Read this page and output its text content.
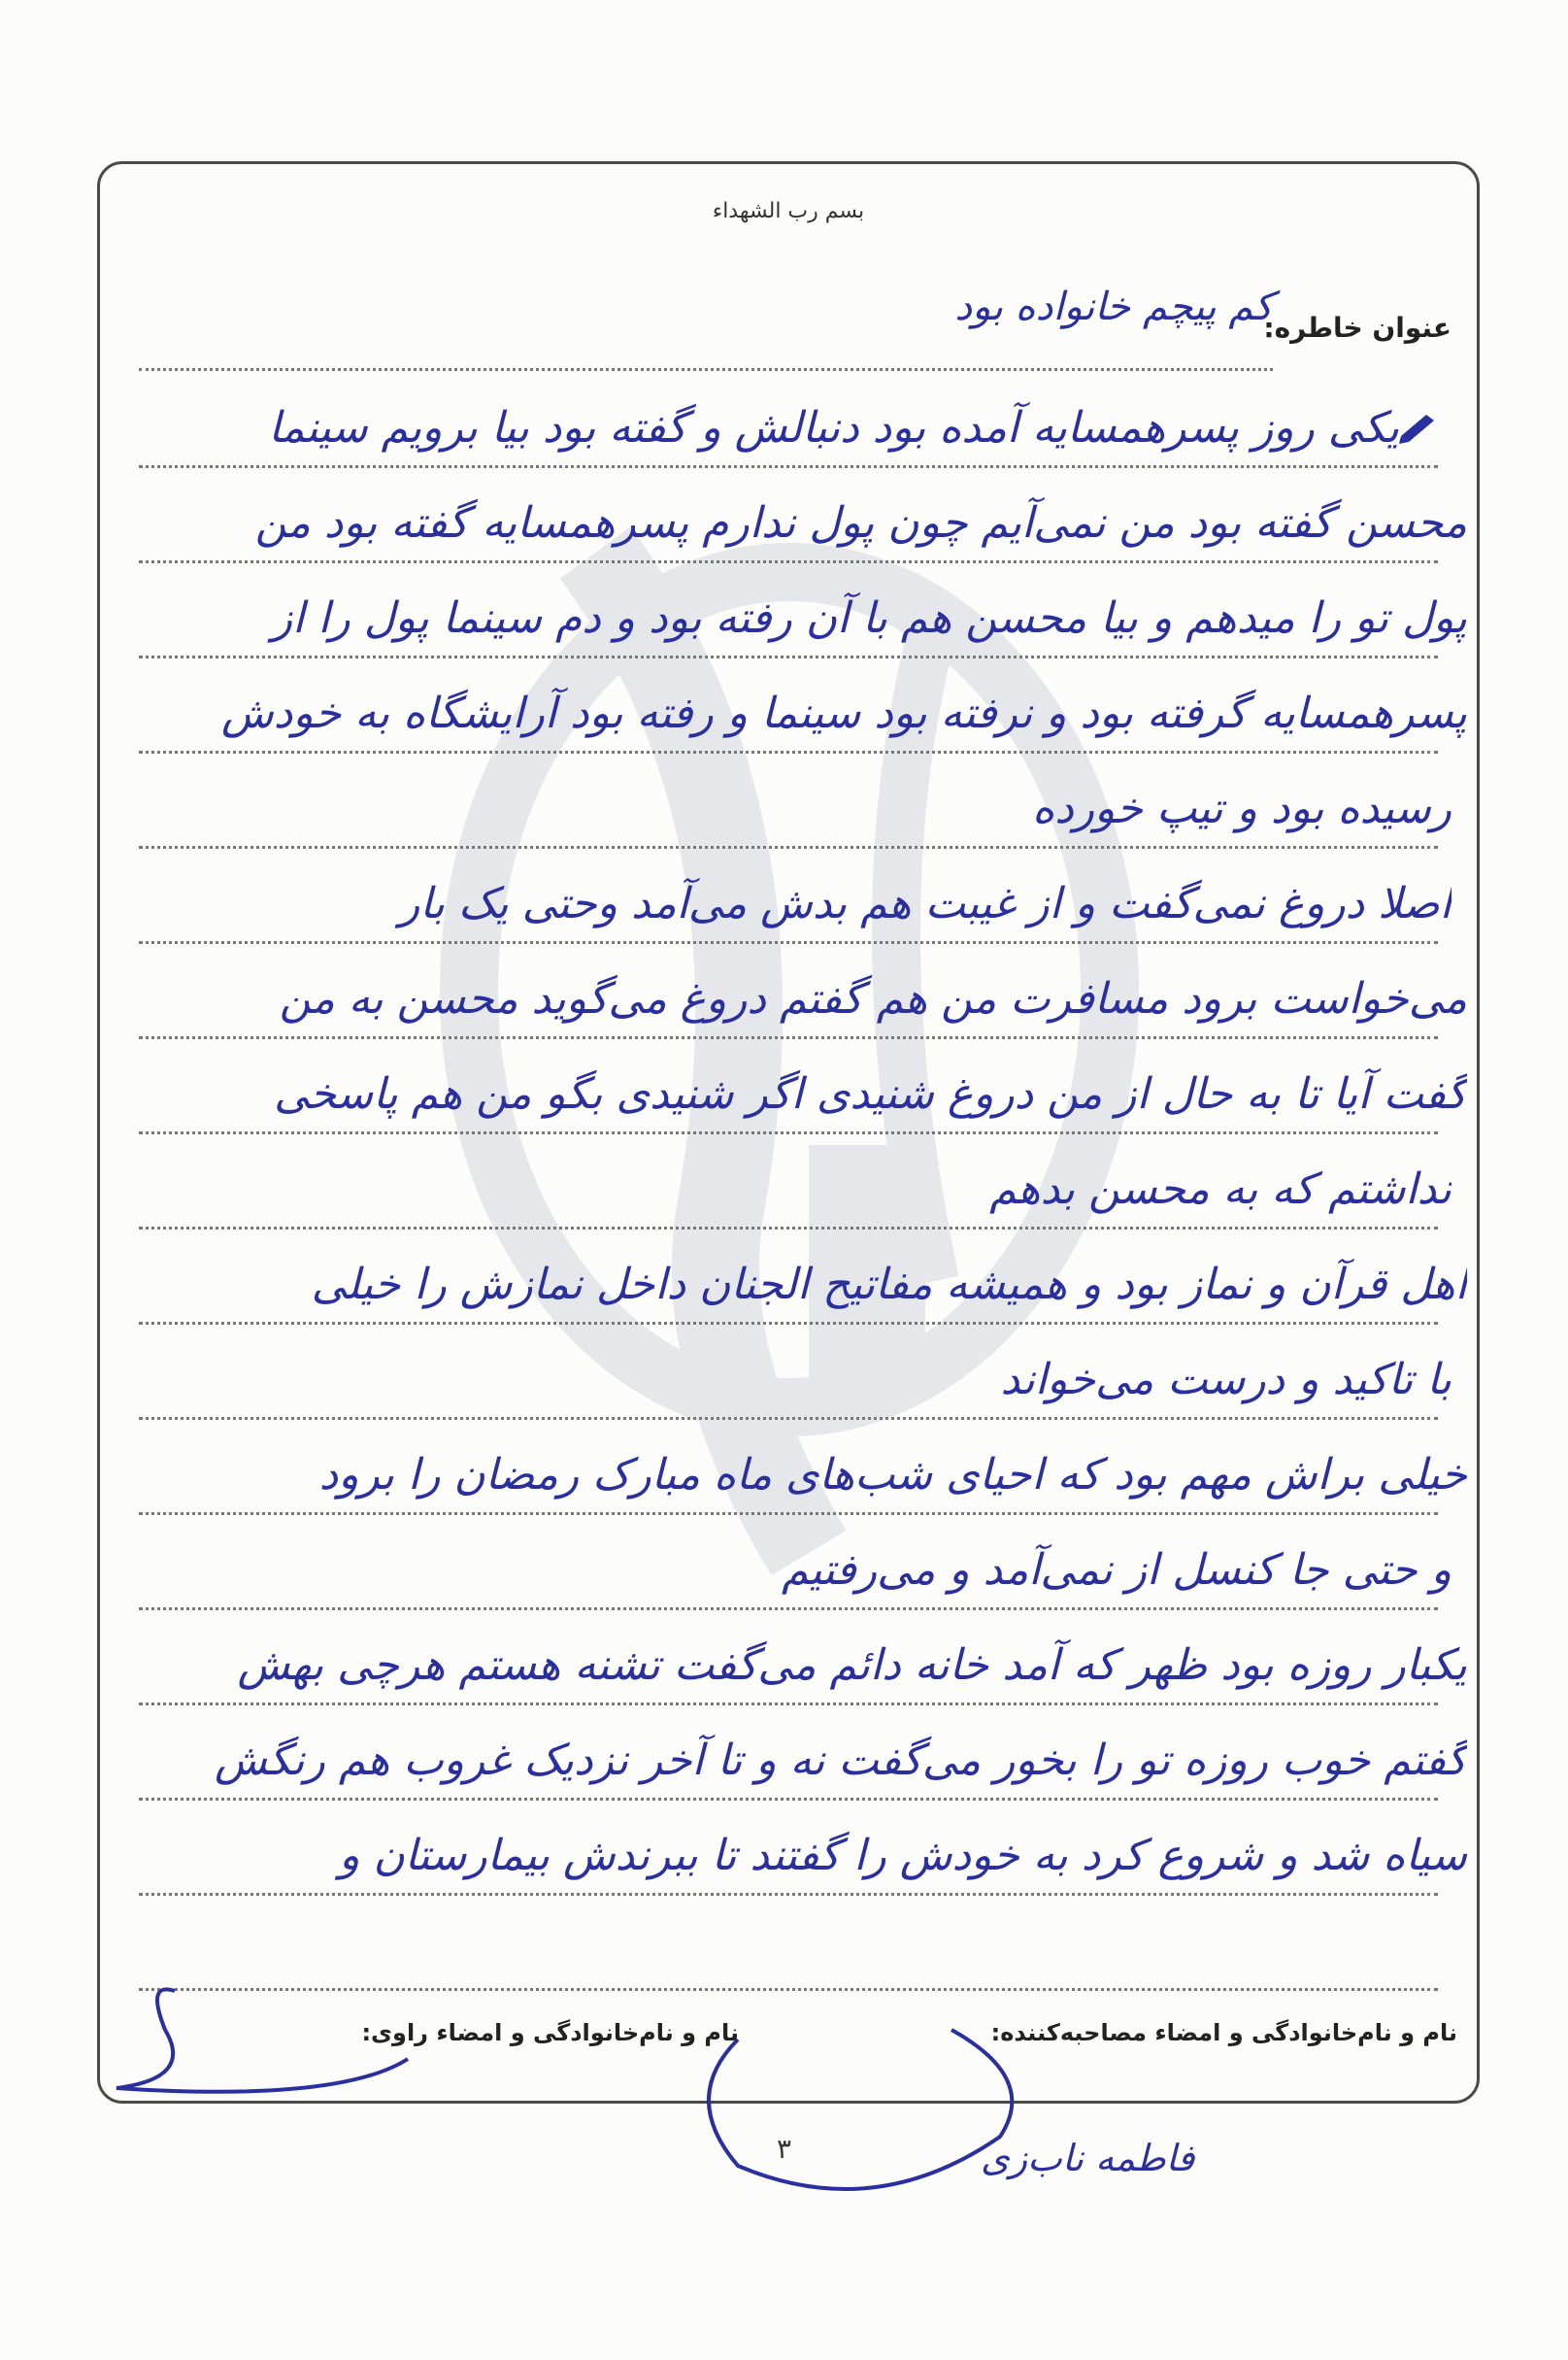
بسم رب الشهداء
عنوان خاطره:
کم پیچم خانواده بود
یکی روز پسرهمسایه آمده بود دنبالش و گفته بود بیا برویم سینما
محسن گفته بود من نمی‌آیم چون پول ندارم پسرهمسایه گفته بود من
پول تو را میدهم و بیا محسن هم با آن رفته بود و دم سینما پول را از
پسرهمسایه گرفته بود و نرفته بود سینما و رفته بود آرایشگاه به خودش
رسیده بود و تیپ خورده
اصلا دروغ نمی‌گفت و از غیبت هم بدش می‌آمد وحتی یک بار
می‌خواست برود مسافرت من هم گفتم دروغ می‌گوید محسن به من
گفت آیا تا به حال از من دروغ شنیدی اگر شنیدی بگو من هم پاسخی
نداشتم که به محسن بدهم
اهل قرآن و نماز بود و همیشه مفاتیح الجنان داخل نمازش را خیلی
با تاکید و درست می‌خواند
خیلی براش مهم بود که احیای شب‌های ماه مبارک رمضان را برود
و حتی جا کنسل از نمی‌آمد و می‌رفتیم
یکبار روزه بود ظهر که آمد خانه دائم می‌گفت تشنه هستم هرچی بهش
گفتم خوب روزه تو را بخور می‌گفت نه و تا آخر نزدیک غروب هم رنگش
سیاه شد و شروع کرد به خودش را گفتند تا ببرندش بیمارستان و
نام و نام‌خانوادگی و امضاء مصاحبه‌کننده:
نام و نام‌خانوادگی و امضاء راوی:
۳	فاطمه ناب‌زی
